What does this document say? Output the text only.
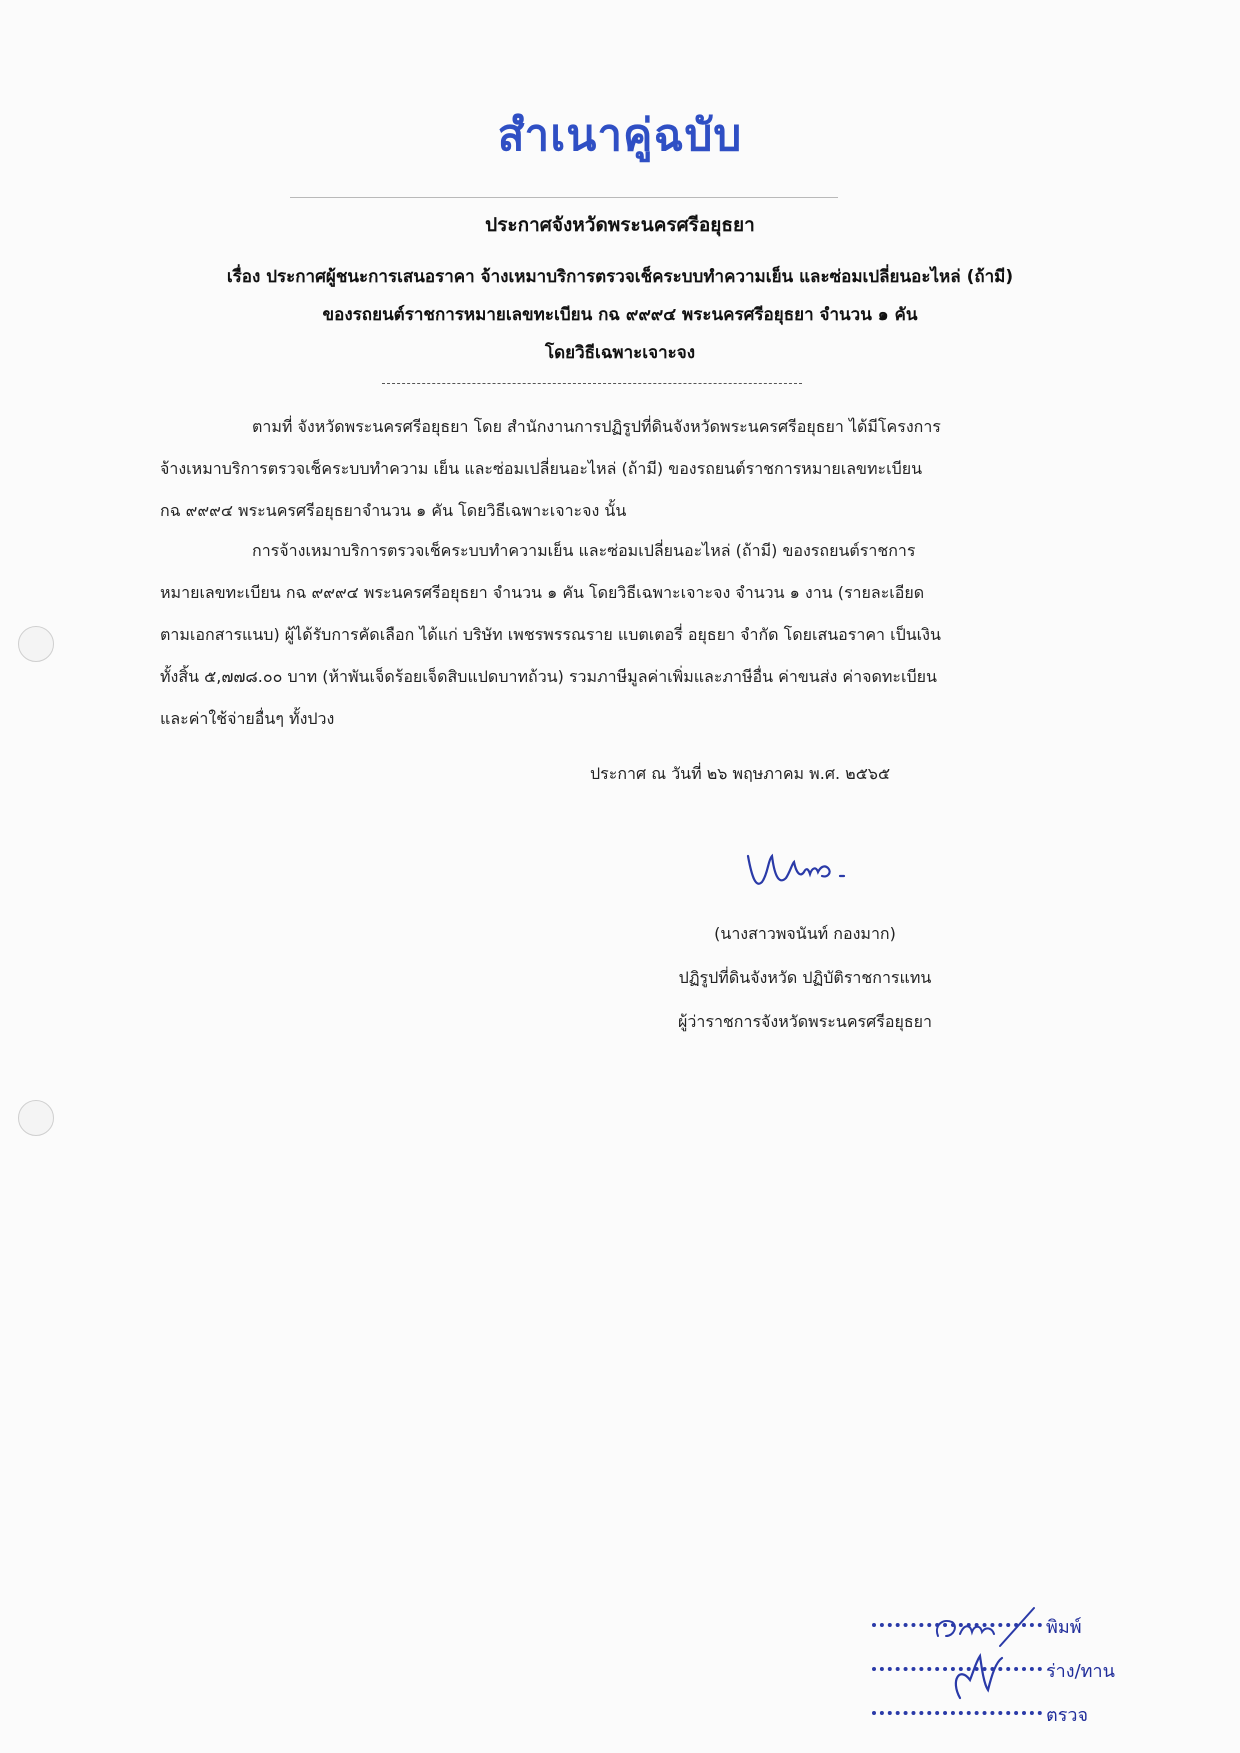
สำเนาคู่ฉบับ
ประกาศจังหวัดพระนครศรีอยุธยา
เรื่อง ประกาศผู้ชนะการเสนอราคา จ้างเหมาบริการตรวจเช็คระบบทำความเย็น และซ่อมเปลี่ยนอะไหล่ (ถ้ามี)
ของรถยนต์ราชการหมายเลขทะเบียน กฉ ๙๙๙๔ พระนครศรีอยุธยา จำนวน ๑ คัน
โดยวิธีเฉพาะเจาะจง
ตามที่ จังหวัดพระนครศรีอยุธยา โดย สำนักงานการปฏิรูปที่ดินจังหวัดพระนครศรีอยุธยา ได้มีโครงการ
จ้างเหมาบริการตรวจเช็คระบบทำความ เย็น และซ่อมเปลี่ยนอะไหล่ (ถ้ามี) ของรถยนต์ราชการหมายเลขทะเบียน
กฉ ๙๙๙๔ พระนครศรีอยุธยาจำนวน ๑ คัน โดยวิธีเฉพาะเจาะจง นั้น
การจ้างเหมาบริการตรวจเช็คระบบทำความเย็น และซ่อมเปลี่ยนอะไหล่ (ถ้ามี) ของรถยนต์ราชการ
หมายเลขทะเบียน กฉ ๙๙๙๔ พระนครศรีอยุธยา จำนวน ๑ คัน โดยวิธีเฉพาะเจาะจง จำนวน ๑ งาน (รายละเอียด
ตามเอกสารแนบ) ผู้ได้รับการคัดเลือก ได้แก่ บริษัท เพชรพรรณราย แบตเตอรี่ อยุธยา จำกัด โดยเสนอราคา เป็นเงิน
ทั้งสิ้น ๕,๗๗๘.๐๐ บาท (ห้าพันเจ็ดร้อยเจ็ดสิบแปดบาทถ้วน) รวมภาษีมูลค่าเพิ่มและภาษีอื่น ค่าขนส่ง ค่าจดทะเบียน
และค่าใช้จ่ายอื่นๆ ทั้งปวง
ประกาศ ณ วันที่ ๒๖ พฤษภาคม พ.ศ. ๒๕๖๕
(นางสาวพจนันท์ กองมาก)
ปฏิรูปที่ดินจังหวัด ปฏิบัติราชการแทน
ผู้ว่าราชการจังหวัดพระนครศรีอยุธยา
พิมพ์
ร่าง/ทาน
ตรวจ
